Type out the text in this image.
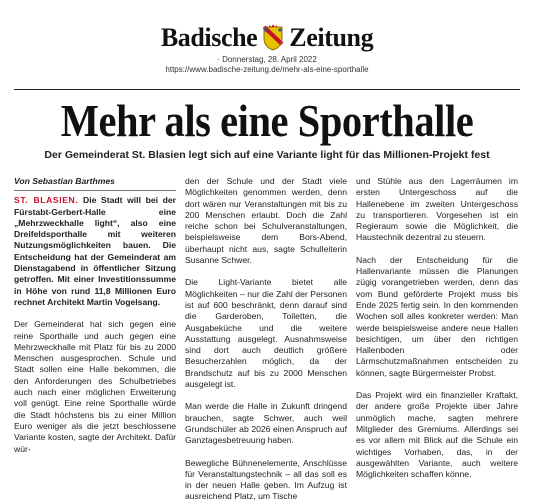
Badische Zeitung
· Donnerstag, 28. April 2022
https://www.badische-zeitung.de/mehr-als-eine-sporthalle
Mehr als eine Sporthalle
Der Gemeinderat St. Blasien legt sich auf eine Variante light für das Millionen-Projekt fest
Von Sebastian Barthmes

ST. BLASIEN. Die Stadt will bei der Fürstabt-Gerbert-Halle eine „Mehrzweckhalle light“, also eine Dreifeldsporthalle mit weiteren Nutzungsmöglichkeiten bauen. Die Entscheidung hat der Gemeinderat am Dienstagabend in öffentlicher Sitzung getroffen. Mit einer Investitionssumme in Höhe von rund 11,8 Millionen Euro rechnet Architekt Martin Vogelsang.

Der Gemeinderat hat sich gegen eine reine Sporthalle und auch gegen eine Mehrzweckhalle mit Platz für bis zu 2000 Menschen ausgesprochen. Schule und Stadt sollen eine Halle bekommen, die den Anforderungen des Schulbetriebes auch nach einer möglichen Erweiterung voll genügt. Eine reine Sporthalle würde die Stadt höchstens bis zu einer Million Euro weniger als die jetzt beschlossene Variante kosten, sagte der Architekt. Dafür wür-

den der Schule und der Stadt viele Möglichkeiten genommen werden, denn dort wären nur Veranstaltungen mit bis zu 200 Menschen erlaubt. Doch die Zahl reiche schon bei Schulveranstaltungen, beispielsweise dem Bors-Abend, überhaupt nicht aus, sagte Schulleiterin Susanne Schwer.

Die Light-Variante bietet alle Möglichkeiten – nur die Zahl der Personen ist auf 600 beschränkt, denn darauf sind die Garderoben, Toiletten, die Ausgabeküche und die weitere Ausstattung ausgelegt. Ausnahmsweise sind dort auch deutlich größere Besucherzahlen möglich, da der Brandschutz auf bis zu 2000 Menschen ausgelegt ist.

Man werde die Halle in Zukunft dringend brauchen, sagte Schwer, auch weil Grundschüler ab 2026 einen Anspruch auf Ganztagesbetreuung haben.

Bewegliche Bühnenelemente, Anschlüsse für Veranstaltungstechnik – all das soll es in der neuen Halle geben. Im Aufzug ist ausreichend Platz, um Tische

und Stühle aus den Lagerräumen im ersten Untergeschoss auf die Hallenebene im zweiten Untergeschoss zu transportieren. Vorgesehen ist ein Regieraum sowie die Möglichkeit, die Haustechnik dezentral zu steuern.

Nach der Entscheidung für die Hallenvariante müssen die Planungen zügig vorangetrieben werden, denn das vom Bund geförderte Projekt muss bis Ende 2025 fertig sein. In den kommenden Wochen soll alles konkreter werden: Man werde beispielsweise andere neue Hallen besichtigen, um über den richtigen Hallenboden oder Lärmschutzmaßnahmen entscheiden zu können, sagte Bürgermeister Probst.

Das Projekt wird ein finanzieller Kraftakt, der andere große Projekte über Jahre unmöglich mache, sagten mehrere Mitglieder des Gremiums. Allerdings sei es vor allem mit Blick auf die Schule ein wichtiges Vorhaben, das, in der ausgewählten Variante, auch weitere Möglichkeiten schaffen könne.
